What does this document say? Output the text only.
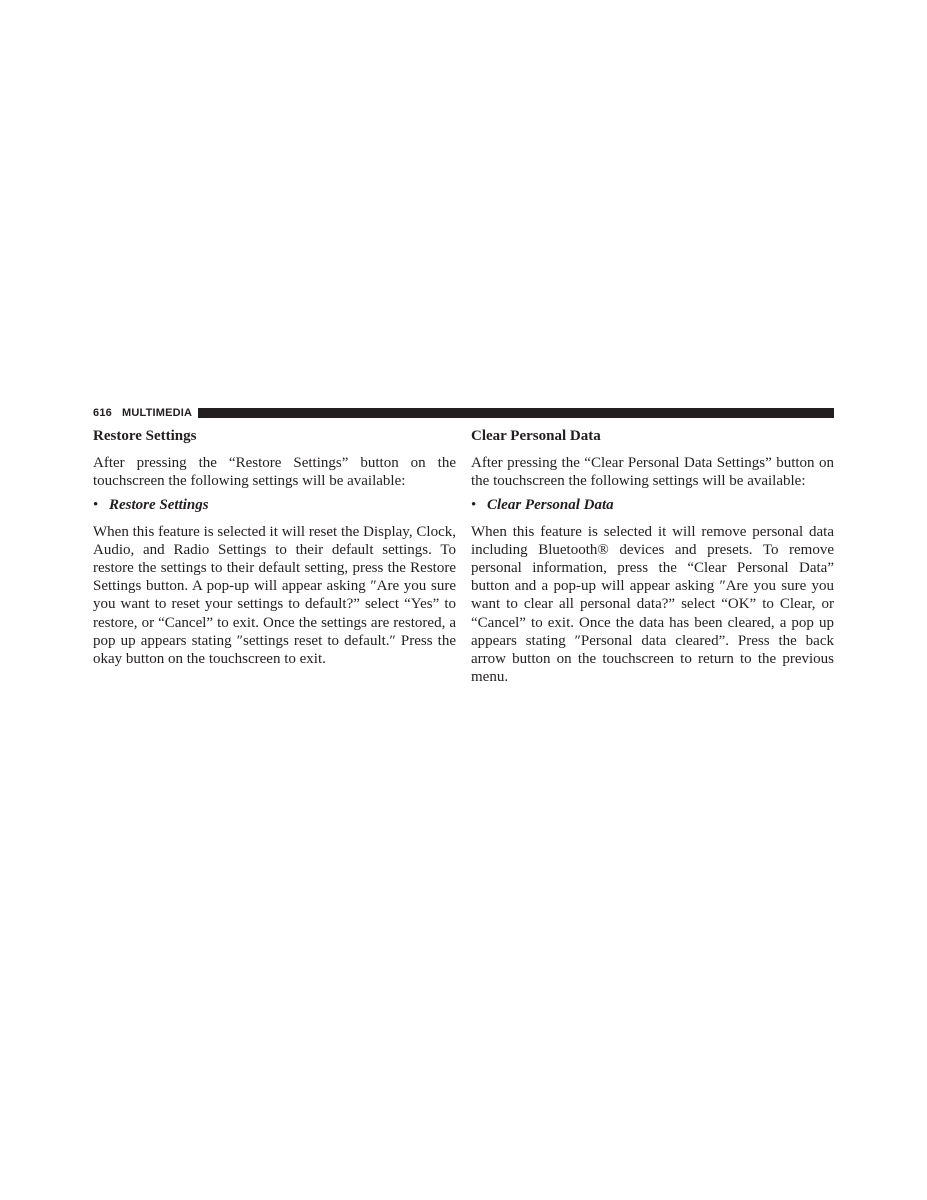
616 MULTIMEDIA
Restore Settings

After pressing the “Restore Settings” button on the touchscreen the following settings will be available:

• Restore Settings

When this feature is selected it will reset the Display, Clock, Audio, and Radio Settings to their default settings. To restore the settings to their default setting, press the Restore Settings button. A pop-up will appear asking ″Are you sure you want to reset your settings to default?” select “Yes” to restore, or “Cancel” to exit. Once the settings are restored, a pop up appears stating ″settings reset to default.″ Press the okay button on the touchscreen to exit.

Clear Personal Data

After pressing the “Clear Personal Data Settings” button on the touchscreen the following settings will be available:

• Clear Personal Data

When this feature is selected it will remove personal data including Bluetooth® devices and presets. To remove personal information, press the “Clear Personal Data” button and a pop-up will appear asking ″Are you sure you want to clear all personal data?” select “OK” to Clear, or “Cancel” to exit. Once the data has been cleared, a pop up appears stating ″Personal data cleared”. Press the back arrow button on the touchscreen to return to the previous menu.
